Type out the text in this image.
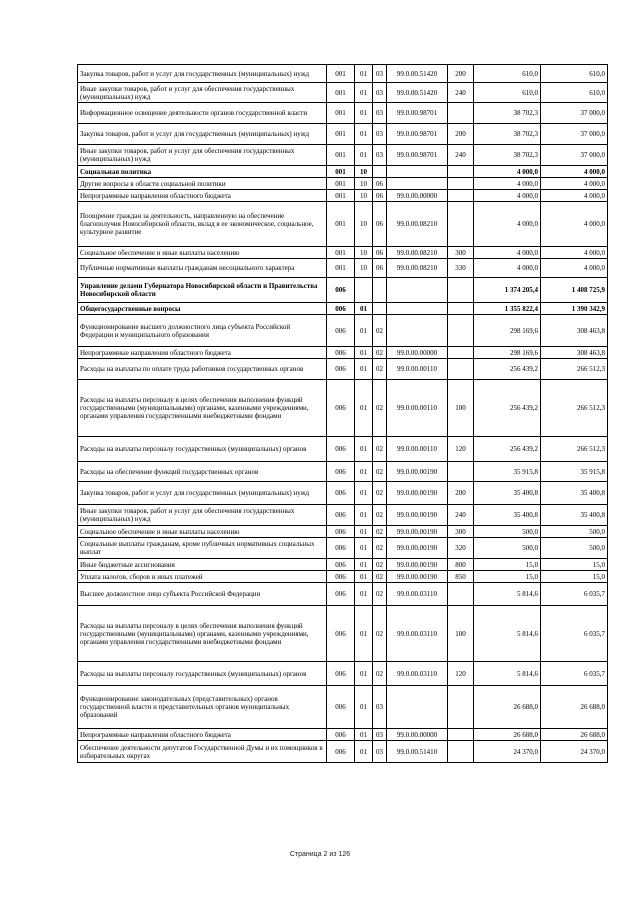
Закупка товаров, работ и услуг для государственных (муниципальных) нужд	001	01	03	99.0.00.51420	200	610,0	610,0
Иные закупки товаров, работ и услуг для обеспечения государственных (муниципальных) нужд	001	01	03	99.0.00.51420	240	610,0	610,0
Информационное освещение деятельности органов государственной власти	001	01	03	99.0.00.98701		38 702,3	37 000,0
Закупка товаров, работ и услуг для государственных (муниципальных) нужд	001	01	03	99.0.00.98701	200	38 702,3	37 000,0
Иные закупки товаров, работ и услуг для обеспечения государственных (муниципальных) нужд	001	01	03	99.0.00.98701	240	38 702,3	37 000,0
Социальная политика	001	10				4 000,0	4 000,0
Другие вопросы в области социальной политики	001	10	06			4 000,0	4 000,0
Непрограммные направления областного бюджета	001	10	06	99.0.00.00000		4 000,0	4 000,0
Поощрение граждан за деятельность, направленную на обеспечение благополучия Новосибирской области, вклад в ее экономическое, социальное, культурное развитие	001	10	06	99.0.00.08210		4 000,0	4 000,0
Социальное обеспечение и иные выплаты населению	001	10	06	99.0.00.08210	300	4 000,0	4 000,0
Публичные нормативные выплаты гражданам несоциального характера	001	10	06	99.0.00.08210	330	4 000,0	4 000,0
Управление делами Губернатора Новосибирской области и Правительства Новосибирской области	006					1 374 205,4	1 408 725,9
Общегосударственные вопросы	006	01				1 355 822,4	1 390 342,9
Функционирование высшего должностного лица субъекта Российской Федерации и муниципального образования	006	01	02			298 169,6	308 463,8
Непрограммные направления областного бюджета	006	01	02	99.0.00.00000		298 169,6	308 463,8
Расходы на выплаты по оплате труда работников государственных органов	006	01	02	99.0.00.00110		256 439,2	266 512,3
Расходы на выплаты персоналу в целях обеспечения выполнения функций государственными (муниципальными) органами, казенными учреждениями, органами управления государственными внебюджетными фондами	006	01	02	99.0.00.00110	100	256 439,2	266 512,3
Расходы на выплаты персоналу государственных (муниципальных) органов	006	01	02	99.0.00.00110	120	256 439,2	266 512,3
Расходы на обеспечение функций государственных органов	006	01	02	99.0.00.00190		35 915,8	35 915,8
Закупка товаров, работ и услуг для государственных (муниципальных) нужд	006	01	02	99.0.00.00190	200	35 400,8	35 400,8
Иные закупки товаров, работ и услуг для обеспечения государственных (муниципальных) нужд	006	01	02	99.0.00.00190	240	35 400,8	35 400,8
Социальное обеспечение и иные выплаты населению	006	01	02	99.0.00.00190	300	500,0	500,0
Социальные выплаты гражданам, кроме публичных нормативных социальных выплат	006	01	02	99.0.00.00190	320	500,0	500,0
Иные бюджетные ассигнования	006	01	02	99.0.00.00190	800	15,0	15,0
Уплата налогов, сборов и иных платежей	006	01	02	99.0.00.00190	850	15,0	15,0
Высшее должностное лицо субъекта Российской Федерации	006	01	02	99.0.00.03110		5 814,6	6 035,7
Расходы на выплаты персоналу в целях обеспечения выполнения функций государственными (муниципальными) органами, казенными учреждениями, органами управления государственными внебюджетными фондами	006	01	02	99.0.00.03110	100	5 814,6	6 035,7
Расходы на выплаты персоналу государственных (муниципальных) органов	006	01	02	99.0.00.03110	120	5 814,6	6 035,7
Функционирование законодательных (представительных) органов государственной власти и представительных органов муниципальных образований	006	01	03			26 688,0	26 688,0
Непрограммные направления областного бюджета	006	01	03	99.0.00.00000		26 688,0	26 688,0
Обеспечение деятельности депутатов Государственной Думы и их помощников в избирательных округах	006	01	03	99.0.00.51410		24 370,0	24 370,0
Страница 2 из 126
